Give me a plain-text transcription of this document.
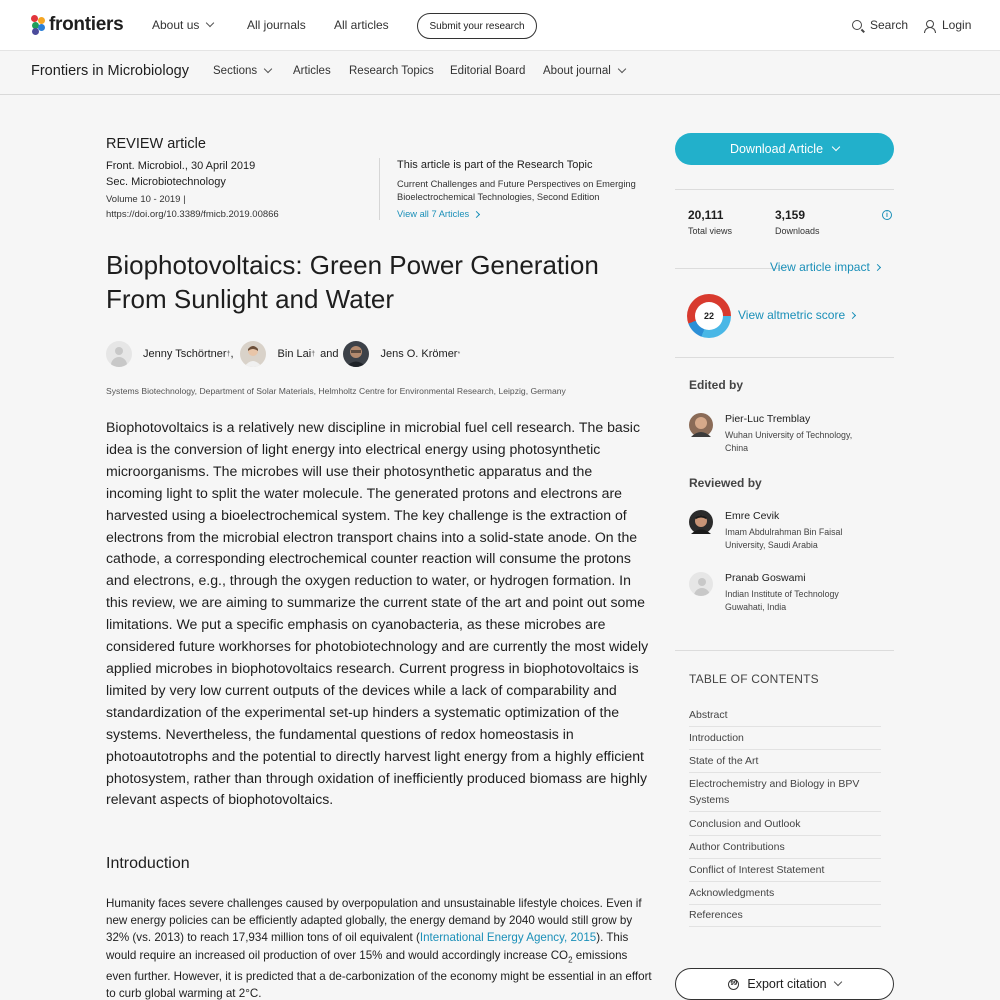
frontiers About us	All journals All articles	Submit your research	Search	Login
Frontiers in Microbiology Sections	Articles Research Topics Editorial Board About journal
REVIEW article
Front. Microbiol., 30 April 2019
Sec. Microbiotechnology
Volume 10 - 2019 |
https://doi.org/10.3389/fmicb.2019.00866
This article is part of the Research Topic
Current Challenges and Future Perspectives on Emerging Bioelectrochemical Technologies, Second Edition
View all 7 Articles
Biophotovoltaics: Green Power Generation From Sunlight and Water
Jenny Tschörtner † ,	Bin Lai † and	Jens O. Krömer *
Systems Biotechnology, Department of Solar Materials, Helmholtz Centre for Environmental Research, Leipzig, Germany

Biophotovoltaics is a relatively new discipline in microbial fuel cell research. The basic idea is the conversion of light energy into electrical energy using photosynthetic microorganisms. The microbes will use their photosynthetic apparatus and the incoming light to split the water molecule. The generated protons and electrons are harvested using a bioelectrochemical system. The key challenge is the extraction of electrons from the microbial electron transport chains into a solid-state anode. On the cathode, a corresponding electrochemical counter reaction will consume the protons and electrons, e.g., through the oxygen reduction to water, or hydrogen formation. In this review, we are aiming to summarize the current state of the art and point out some limitations. We put a specific emphasis on cyanobacteria, as these microbes are considered future workhorses for photobiotechnology and are currently the most widely applied microbes in biophotovoltaics research. Current progress in biophotovoltaics is limited by very low current outputs of the devices while a lack of comparability and standardization of the experimental set-up hinders a systematic optimization of the systems. Nevertheless, the fundamental questions of redox homeostasis in photoautotrophs and the potential to directly harvest light energy from a highly efficient photosystem, rather than through oxidation of inefficiently produced biomass are highly relevant aspects of biophotovoltaics.

Introduction

Humanity faces severe challenges caused by overpopulation and unsustainable lifestyle choices. Even if new energy policies can be efficiently adapted globally, the energy demand by 2040 would still grow by 32% (vs. 2013) to reach 17,934 million tons of oil equivalent (International Energy Agency, 2015). This would require an increased oil production of over 15% and would accordingly increase $CO_2$ emissions even further. However, it is predicted that a de-carbonization of the economy might be essential in an effort to curb global warming at 2°C.

Download Article
20,111
Total views
3,159
Downloads
i
View article impact
22	View altmetric score
Edited by
Pier-Luc Tremblay
Wuhan University of Technology, China
Reviewed by
Emre Cevik
Imam Abdulrahman Bin Faisal University, Saudi Arabia
Pranab Goswami
Indian Institute of Technology Guwahati, India
TABLE OF CONTENTS
Abstract
Introduction
State of the Art
Electrochemistry and Biology in BPV Systems
Conclusion and Outlook
Author Contributions
Conflict of Interest Statement
Acknowledgments
References
99 Export citation
